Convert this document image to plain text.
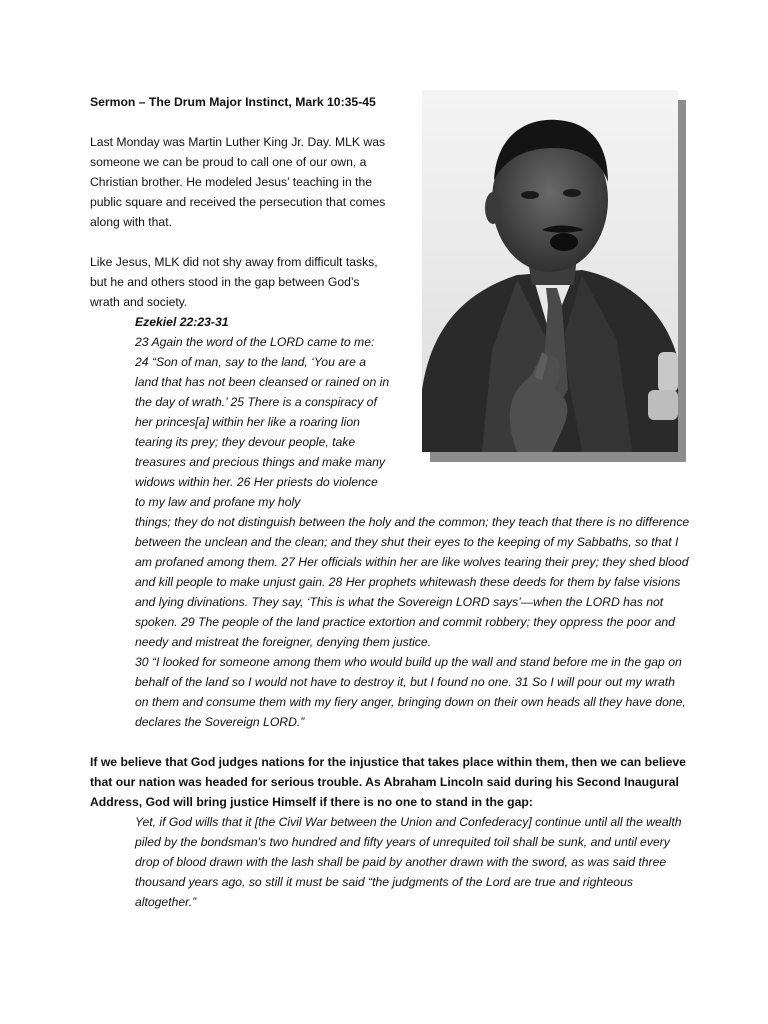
Sermon – The Drum Major Instinct, Mark 10:35-45

Last Monday was Martin Luther King Jr. Day. MLK was someone we can be proud to call one of our own, a Christian brother. He modeled Jesus’ teaching in the public square and received the persecution that comes along with that.

Like Jesus, MLK did not shy away from difficult tasks, but he and others stood in the gap between God’s wrath and society.

Ezekiel 22:23-31

23 Again the word of the LORD came to me: 24 “Son of man, say to the land, ‘You are a land that has not been cleansed or rained on in the day of wrath.’ 25 There is a conspiracy of her princes[a] within her like a roaring lion tearing its prey; they devour people, take treasures and precious things and make many widows within her. 26 Her priests do violence to my law and profane my holy

things; they do not distinguish between the holy and the common; they teach that there is no difference between the unclean and the clean; and they shut their eyes to the keeping of my Sabbaths, so that I am profaned among them. 27 Her officials within her are like wolves tearing their prey; they shed blood and kill people to make unjust gain. 28 Her prophets whitewash these deeds for them by false visions and lying divinations. They say, ‘This is what the Sovereign LORD says’—when the LORD has not spoken. 29 The people of the land practice extortion and commit robbery; they oppress the poor and needy and mistreat the foreigner, denying them justice.

30 “I looked for someone among them who would build up the wall and stand before me in the gap on behalf of the land so I would not have to destroy it, but I found no one. 31 So I will pour out my wrath on them and consume them with my fiery anger, bringing down on their own heads all they have done, declares the Sovereign LORD.”

If we believe that God judges nations for the injustice that takes place within them, then we can believe that our nation was headed for serious trouble. As Abraham Lincoln said during his Second Inaugural Address, God will bring justice Himself if there is no one to stand in the gap:

Yet, if God wills that it [the Civil War between the Union and Confederacy] continue until all the wealth piled by the bondsman's two hundred and fifty years of unrequited toil shall be sunk, and until every drop of blood drawn with the lash shall be paid by another drawn with the sword, as was said three thousand years ago, so still it must be said “the judgments of the Lord are true and righteous altogether.”
